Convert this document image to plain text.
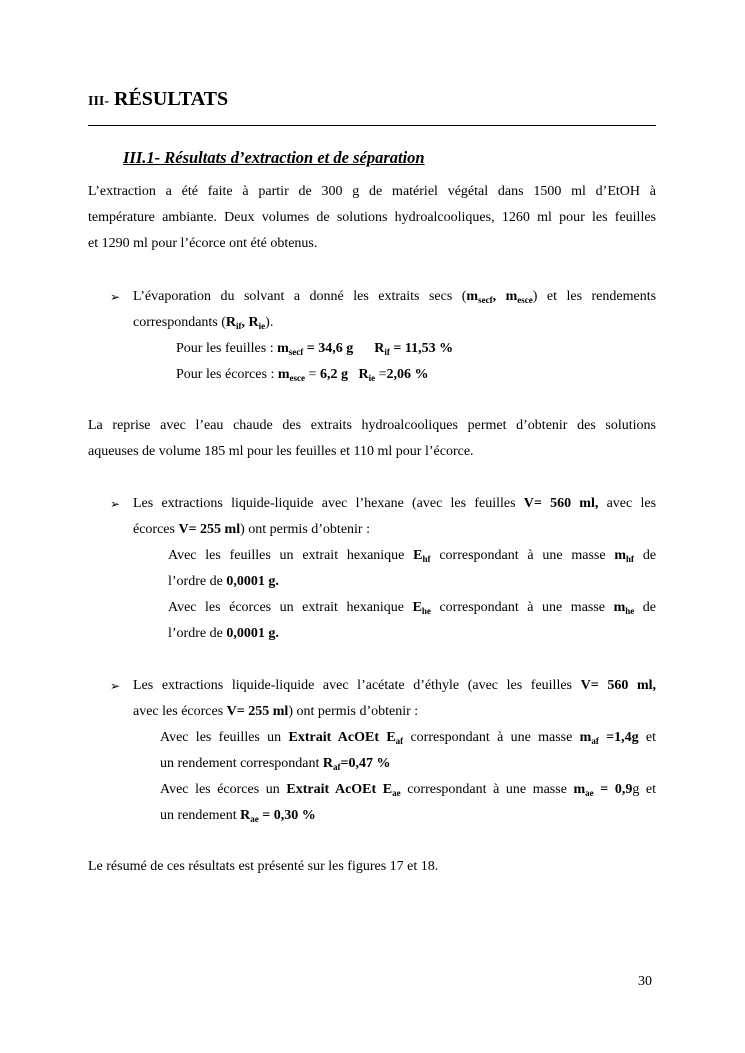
III- RÉSULTATS
III.1- Résultats d’extraction et de séparation
L’extraction a été faite à partir de 300 g de matériel végétal dans 1500 ml d’EtOH à
température ambiante. Deux volumes de solutions hydroalcooliques, 1260 ml pour les feuilles
et 1290 ml pour l’écorce ont été obtenus.
➢ L’évaporation du solvant a donné les extraits secs ($m_{secf}$, $m_{esce}$) et les rendements
correspondants ($R_{if}$, $R_{ie}$).
Pour les feuilles : $m_{secf} = 34,6$ g $R_{if} = 11,53$ %
Pour les écorces : $m_{esce} = 6,2$ g $R_{ie} =2,06$ %
La reprise avec l’eau chaude des extraits hydroalcooliques permet d’obtenir des solutions
aqueuses de volume 185 ml pour les feuilles et 110 ml pour l’écorce.
➢ Les extractions liquide-liquide avec l’hexane (avec les feuilles V= 560 ml, avec les
écorces V= 255 ml) ont permis d’obtenir :
Avec les feuilles un extrait hexanique $E_{hf}$ correspondant à une masse $m_{hf}$ de
l’ordre de 0,0001 g.
Avec les écorces un extrait hexanique $E_{he}$ correspondant à une masse $m_{he}$ de
l’ordre de 0,0001 g.
➢ Les extractions liquide-liquide avec l’acétate d’éthyle (avec les feuilles V= 560 ml,
avec les écorces V= 255 ml) ont permis d’obtenir :
Avec les feuilles un Extrait AcOEt $E_{af}$ correspondant à une masse $m_{af} =1,4g$ et
un rendement correspondant $R_{af}=0,47$ %
Avec les écorces un Extrait AcOEt $E_{ae}$ correspondant à une masse $m_{ae} = 0,9g$ et
un rendement $R_{ae} = 0,30$ %
Le résumé de ces résultats est présenté sur les figures 17 et 18.
30
